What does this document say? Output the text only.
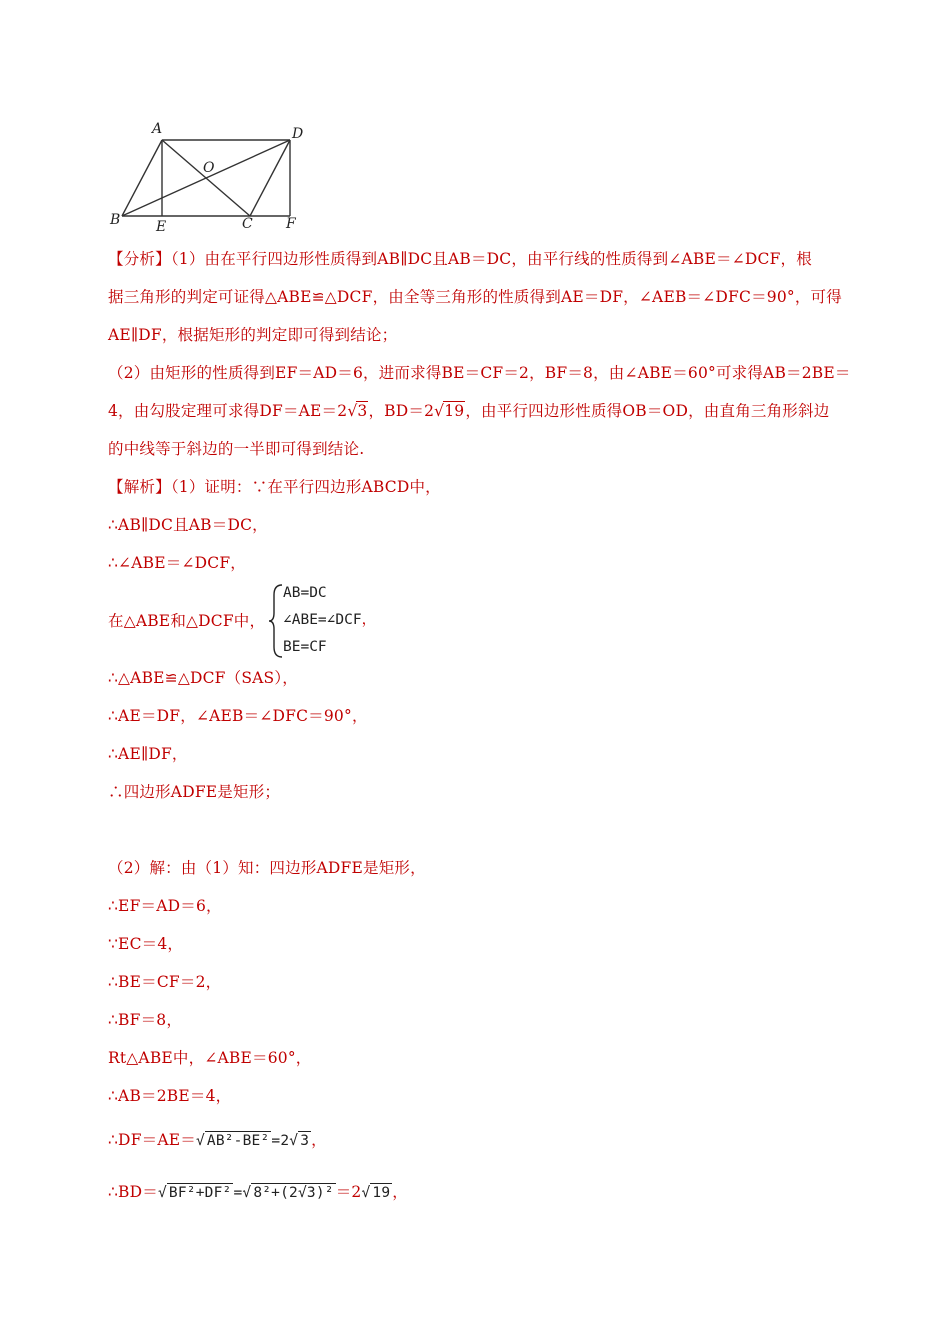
A	D
O
B	E	C F
【分析】（1）由在平行四边形性质得到AB∥DC且AB＝DC，由平行线的性质得到∠ABE＝∠DCF，根
据三角形的判定可证得△ABE≌△DCF，由全等三角形的性质得到AE＝DF，∠AEB＝∠DFC＝90°，可得
AE∥DF，根据矩形的判定即可得到结论；
（2）由矩形的性质得到EF＝AD＝6，进而求得BE＝CF＝2，BF＝8，由∠ABE＝60°可求得AB＝2BE＝
4，由勾股定理可求得DF＝AE＝2√3，BD＝2√19，由平行四边形性质得OB＝OD，由直角三角形斜边
的中线等于斜边的一半即可得到结论.
【解析】（1）证明：∵在平行四边形ABCD中，
∴AB∥DC且AB＝DC，
∴∠ABE＝∠DCF，
在△ABE和△DCF中，
AB=DC
∠ABE=∠DCF，
BE=CF
∴△ABE≌△DCF（SAS），
∴AE＝DF，∠AEB＝∠DFC＝90°，
∴AE∥DF，
∴四边形ADFE是矩形；
（2）解：由（1）知：四边形ADFE是矩形，
∴EF＝AD＝6，
∵EC＝4，
∴BE＝CF＝2，
∴BF＝8，
Rt△ABE中，∠ABE＝60°，
∴AB＝2BE＝4，
∴DF＝AE＝√ AB²-BE² =2√ 3 ，
∴BD＝√ BF²+DF² =√ 8²+(2√3)² ＝2√ 19 ，
